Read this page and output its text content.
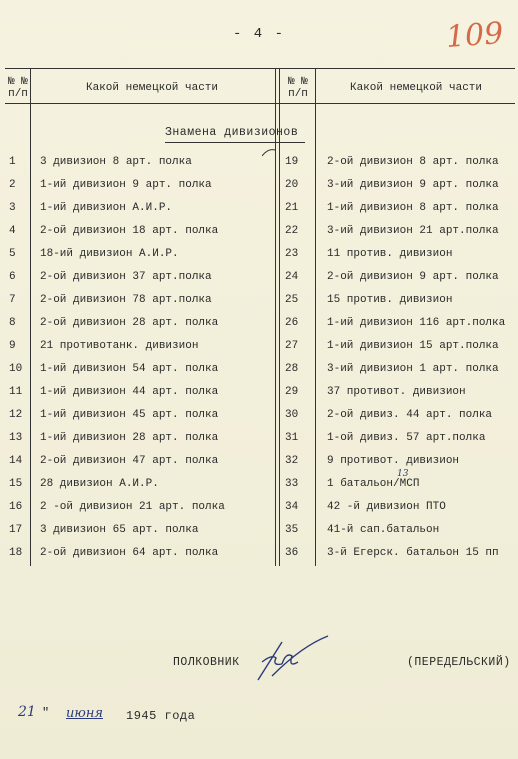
- 4 -	109
№ №
п/п	Какой немецкой части	№ №
п/п	Какой немецкой части
Знамена дивизионов
1	3 дивизион 8 арт. полка	19	2-ой дивизион 8 арт. полка
2	1-ий дивизион 9 арт. полка	20	3-ий дивизион 9 арт. полка
3	1-ий дивизион А.И.Р.	21	1-ий дивизион 8 арт. полка
4	2-ой дивизион 18 арт. полка	22	3-ий дивизион 21 арт.полка
5	18-ий дивизион А.И.Р.	23	11 против. дивизион
6	2-ой дивизион 37 арт.полка	24	2-ой дивизион 9 арт. полка
7	2-ой дивизион 78 арт.полка	25	15 против. дивизион
8	2-ой дивизион 28 арт. полка	26	1-ий дивизион 116 арт.полка
9	21 противотанк. дивизион	27	1-ий дивизион 15 арт.полка
10	1-ий дивизион 54 арт. полка	28	3-ий дивизион 1 арт. полка
11	1-ий дивизион 44 арт. полка	29	37 противот. дивизион
12	1-ий дивизион 45 арт. полка	30	2-ой дивиз. 44 арт. полка
13	1-ий дивизион 28 арт. полка	31	1-ой дивиз. 57 арт.полка
14	2-ой дивизион 47 арт. полка	32	9 противот. дивизион
15	28 дивизион А.И.Р.	33	1 батальон/МСП
16	2 -ой дивизион 21 арт. полка	34	42 -й дивизион ПТО
17	3 дивизион 65 арт. полка	35	41-й сап.батальон
18	2-ой дивизион 64 арт. полка	36	3-й Егерск. батальон 15 пп
13
ПОЛКОВНИК	(ПЕРЕДЕЛЬСКИЙ)
21 " июня 1945 года
